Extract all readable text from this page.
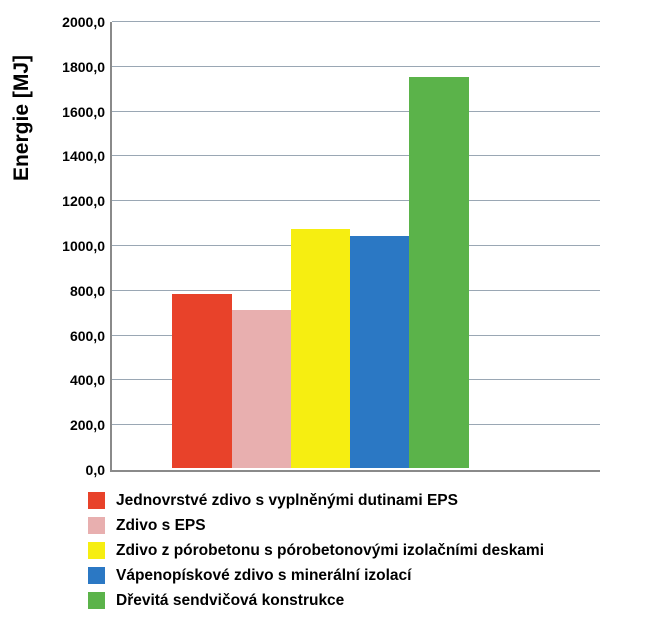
Energie [MJ]
0,0
200,0
400,0
600,0
800,0
1000,0
1200,0
1400,0
1600,0
1800,0
2000,0
Jednovrstvé zdivo s vyplněnými dutinami EPS
Zdivo s EPS
Zdivo z pórobetonu s pórobetonovými izolačními deskami
Vápenopískové zdivo s minerální izolací
Dřevitá sendvičová konstrukce
